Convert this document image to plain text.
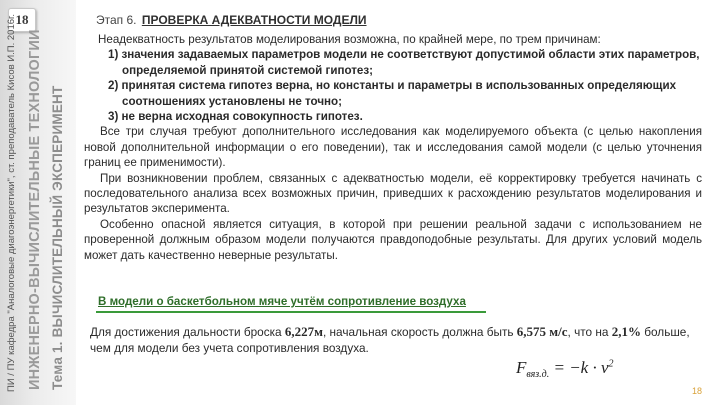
18
ПИ / ПУ кафедра "Аналоговые диагоэнергетики", ст. преподаватель Кисов И.П. 2016г. ИНЖЕНЕРНО-ВЫЧИСЛИТЕЛЬНЫЕ ТЕХНОЛОГИИ Тема 1. ВЫЧИСЛИТЕЛЬНЫЙ ЭКСПЕРИМЕНТ
Этап 6. ПРОВЕРКА АДЕКВАТНОСТИ МОДЕЛИ

Неадекватность результатов моделирования возможна, по крайней мере, по трем причинам:

1) значения задаваемых параметров модели не соответствуют допустимой области этих параметров, определяемой принятой системой гипотез;

2) принятая система гипотез верна, но константы и параметры в использованных определяющих соотношениях установлены не точно;

3) не верна исходная совокупность гипотез.

Все три случая требуют дополнительного исследования как моделируемого объекта (с целью накопления новой дополнительной информации о его поведении), так и исследования самой модели (с целью уточнения границ ее применимости).

При возникновении проблем, связанных с адекватностью модели, её корректировку требуется начинать с последовательного анализа всех возможных причин, приведших к расхождению результатов моделирования и результатов эксперимента.

Особенно опасной является ситуация, в которой при решении реальной задачи с использованием не проверенной должным образом модели получаются правдоподобные результаты. Для других условий модель может дать качественно неверные результаты.

В модели о баскетбольном мяче учтём сопротивление воздуха
Для достижения дальности броска 6,227м, начальная скорость должна быть 6,575 м/с, что на 2,1% больше, чем для модели без учета сопротивления воздуха.
$F_{вяз.д.} = -k \cdot v^2$
18
